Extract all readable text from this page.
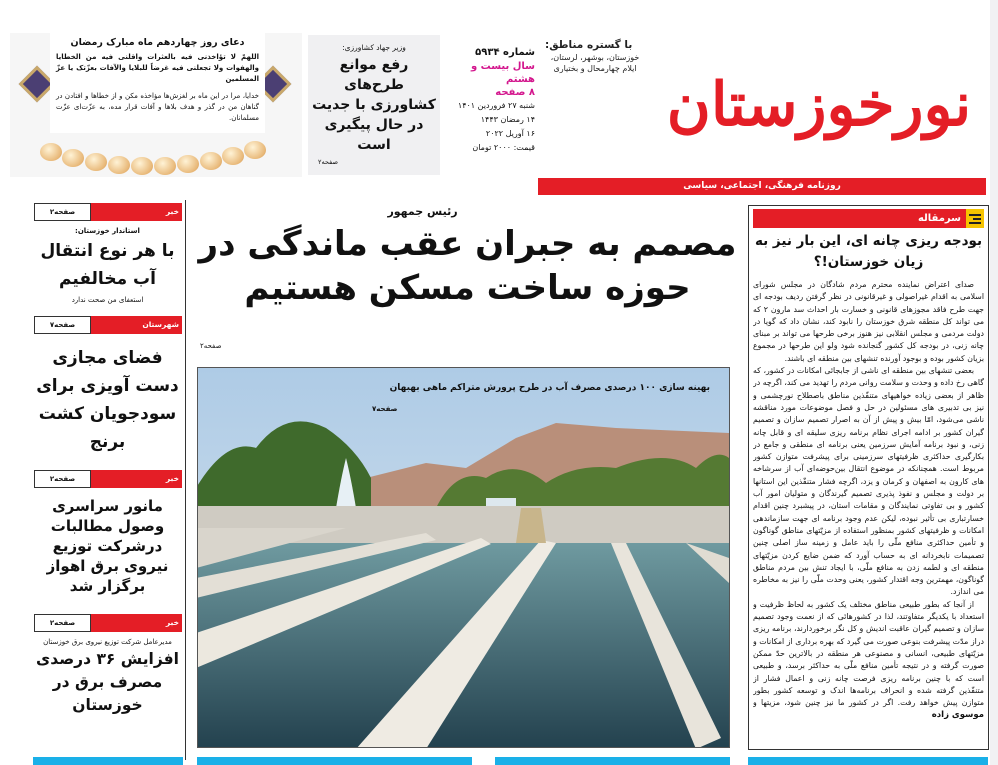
نورخوزستان
با گستره مناطق:
خوزستان، بوشهر، لرستان، ایلام چهارمحال و بختیاری
روزنامه فرهنگی، اجتماعی، سیاسی
شماره ۵۹۳۴
سال بیست و هشتم
۸ صفحه
شنبه ۲۷ فروردین ۱۴۰۱
۱۴ رمضان ۱۴۴۳
۱۶ آوریل ۲۰۲۲
قیمت: ۲۰۰۰ تومان
وزیر جهاد کشاورزی:
رفع موانع طرح‌های کشاورزی با جدیت در حال پیگیری است
صفحه۲
دعای روز چهاردهم ماه مبارک رمضان
اللهمّ لا تؤاخذنی فیه بالعثرات واقلنی فیه من الخطایا والهفوات ولا تجعلنی فیه غرضاً للبلایا والآفات بعزّتک یا عزّ المسلمین
خدایا، مرا در این ماه بر لغزش‌ها مؤاخذه مکن و از خطاها و افتادن در گناهان من در گذر و هدف بلاها و آفات قرار مده، به عزّت‌ای عزّت مسلمانان.
خبر
صفحه۲
استاندار خوزستان:
با هر نوع انتقال آب مخالفیم
استعفای من صحت ندارد
شهرستان
صفحه۷
فضای مجازی دست آویزی برای سودجویان کشت برنج
خبر
صفحه۲
مانور سراسری وصول مطالبات درشرکت توزیع نیروی برق اهواز برگزار شد
خبر
صفحه۲
مدیرعامل شرکت توزیع نیروی برق خوزستان
افزایش ۳۶ درصدی مصرف برق در خوزستان
رئیس جمهور
مصمم به جبران عقب ماندگی در حوزه ساخت مسکن هستیم
صفحه۲
بهینه سازی ۱۰۰ درصدی مصرف آب در طرح پرورش متراکم ماهی بهبهان
صفحه۷
سرمقاله
بودجه ریزی چانه ای، این بار نیز به زیان خوزستان!؟

صدای اعتراض نماینده محترم مردم شادگان در مجلس شورای اسلامی به اقدام غیراصولی و غیرقانونی در نظر گرفتن ردیف بودجه ای جهت طرح فاقد مجوزهای قانونی و خسارت بار احداث سد مارون ۲ که می تواند کل منطقه شرق خوزستان را نابود کند، نشان داد که گویا در دولت مردمی و مجلس انقلابی نیز هنوز برخی طرحها می تواند بر مبنای چانه زنی، در بودجه کل کشور گنجانده شود ولو این طرحها در مجموع بزیان کشور بوده و بوجود آورنده تنشهای بین منطقه ای باشند.

بعضی تنشهای بین منطقه ای ناشی از جابجائی امکانات در کشور، که گاهی رخ داده و وحدت و سلامت روانی مردم را تهدید می کند، اگرچه در ظاهر از بعضی زیاده خواهیهای متنفّذین مناطق باصطلاح نورچشمی و نیز بی تدبیری های مسئولین در حل و فصل موضوعات مورد مناقشه ناشی می‌شود، امّا بیش و پیش از آن به اصرار تصمیم سازان و تصمیم گیران کشور بر ادامه اجرای نظام برنامه ریزی سلیقه ای و قابل چانه زنی، و نبود برنامه آمایش سرزمین یعنی برنامه ای منطقی و جامع در بکارگیری حداکثری ظرفیتهای سرزمینی برای پیشرفت متوازن کشور مربوط است. همچنانکه در موضوع انتقال بین‌حوضه‌ای آب از سرشاخه های کارون به اصفهان و کرمان و یزد، اگرچه فشار متنفّذین این استانها بر دولت و مجلس و نفوذ پذیری تصمیم گیرندگان و متولیان امور آب کشور و بی تفاوتی نمایندگان و مقامات استان، در پیشبرد چنین اقدام خسارتباری بی تأثیر نبوده، لیکن عدم وجود برنامه ای جهت سازماندهی امکانات و ظرفیتهای کشور بمنظور استفاده از مزیّتهای مناطق گوناگون و تأمین حداکثری منافع ملّی را باید عامل و زمینه ساز اصلی چنین تصمیمات نابخردانه ای به حساب آورد که ضمن ضایع کردن مزیّتهای منطقه ای و لطمه زدن به منافع ملّی، با ایجاد تنش بین مردم مناطق گوناگون، مهمترین وجه اقتدار کشور، یعنی وحدت ملّی را نیز به مخاطره می اندازد.

از آنجا که بطور طبیعی مناطق مختلف یک کشور به لحاظ ظرفیت و استعداد با یکدیگر متفاوتند، لذا در کشورهائی که از نعمت وجود تصمیم سازان و تصمیم گیران عاقبت اندیش و کل نگر برخوردارند، برنامه ریزی دراز مدّت پیشرفت بنوعی صورت می گیرد که بهره برداری از امکانات و مزیّتهای طبیعی، انسانی و مصنوعی هر منطقه در بالاترین حدّ ممکن صورت گرفته و در نتیجه تأمین منافع ملّی به حداکثر برسد، و طبیعی است که با چنین برنامه ریزی فرصت چانه زنی و اعمال فشار از متنفّذین گرفته شده و انحراف برنامه‌ها اندک و توسعه کشور بطور متوازن پیش خواهد رفت. اگر در کشور ما نیز چنین شود، مزیتها و

موسوی زاده
